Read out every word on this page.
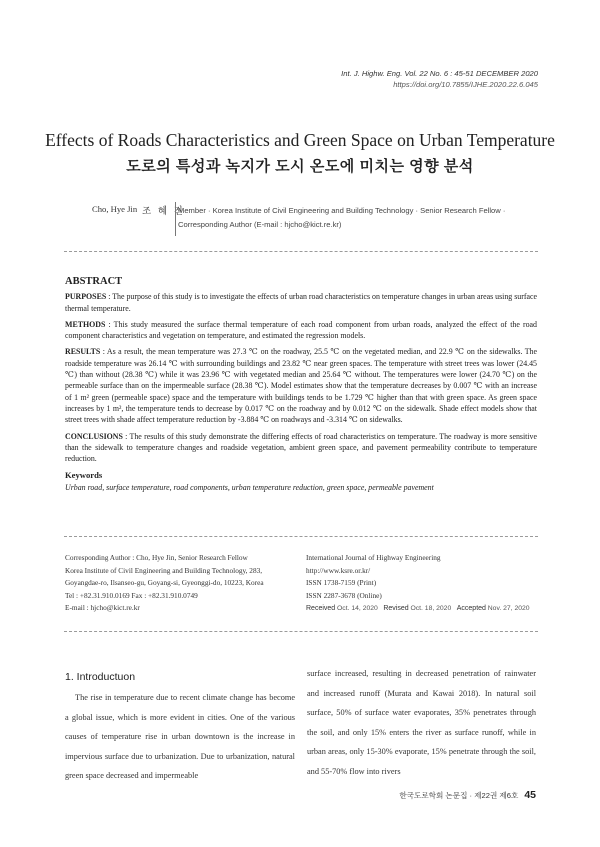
Int. J. Highw. Eng. Vol. 22 No. 6 : 45-51 DECEMBER 2020
https://doi.org/10.7855/IJHE.2020.22.6.045
Effects of Roads Characteristics and Green Space on Urban Temperature
도로의 특성과 녹지가 도시 온도에 미치는 영향 분석
Cho, Hye Jin 조 혜 진
Member · Korea Institute of Civil Engineering and Building Technology · Senior Research Fellow ·
Corresponding Author (E-mail : hjcho@kict.re.kr)
ABSTRACT

PURPOSES : The purpose of this study is to investigate the effects of urban road characteristics on temperature changes in urban areas using surface thermal temperature.

METHODS : This study measured the surface thermal temperature of each road component from urban roads, analyzed the effect of the road component characteristics and vegetation on temperature, and estimated the regression models.

RESULTS : As a result, the mean temperature was 27.3 ℃ on the roadway, 25.5 ℃ on the vegetated median, and 22.9 ℃ on the sidewalks. The roadside temperature was 26.14 ℃ with surrounding buildings and 23.82 ℃ near green spaces. The temperature with street trees was lower (24.45 ℃) than without (28.38 ℃) while it was 23.96 ℃ with vegetated median and 25.64 ℃ without. The temperatures were lower (24.70 ℃) on the permeable surface than on the impermeable surface (28.38 ℃). Model estimates show that the temperature decreases by 0.007 ℃ with an increase of 1 m² green (permeable space) space and the temperature with buildings tends to be 1.729 ℃ higher than that with green space. As green space increases by 1 m², the temperature tends to decrease by 0.017 ℃ on the roadway and by 0.012 ℃ on the sidewalk. Shade effect models show that street trees with shade affect temperature reduction by -3.884 ℃ on roadways and -3.314 ℃ on sidewalks.

CONCLUSIONS : The results of this study demonstrate the differing effects of road characteristics on temperature. The roadway is more sensitive than the sidewalk to temperature changes and roadside vegetation, ambient green space, and pavement permeability contribute to temperature reduction.

Keywords
Urban road, surface temperature, road components, urban temperature reduction, green space, permeable pavement
Corresponding Author : Cho, Hye Jin, Senior Research Fellow
Korea Institute of Civil Engineering and Building Technology, 283,
Goyangdae-ro, Ilsanseo-gu, Goyang-si, Gyeonggi-do, 10223, Korea
Tel : +82.31.910.0169 Fax : +82.31.910.0749
E-mail : hjcho@kict.re.kr
International Journal of Highway Engineering
http://www.ksre.or.kr/
ISSN 1738-7159 (Print)
ISSN 2287-3678 (Online)
Received Oct. 14, 2020 Revised Oct. 18, 2020 Accepted Nov. 27, 2020
1. Introductuon
The rise in temperature due to recent climate change has become a global issue, which is more evident in cities. One of the various causes of temperature rise in urban downtown is the increase in impervious surface due to urbanization. Due to urbanization, natural green space decreased and impermeable
surface increased, resulting in decreased penetration of rainwater and increased runoff (Murata and Kawai 2018). In natural soil surface, 50% of surface water evaporates, 35% penetrates through the soil, and only 15% enters the river as surface runoff, while in urban areas, only 15-30% evaporate, 15% penetrate through the soil, and 55-70% flow into rivers
한국도로학회 논문집 · 제22권 제6호 45
